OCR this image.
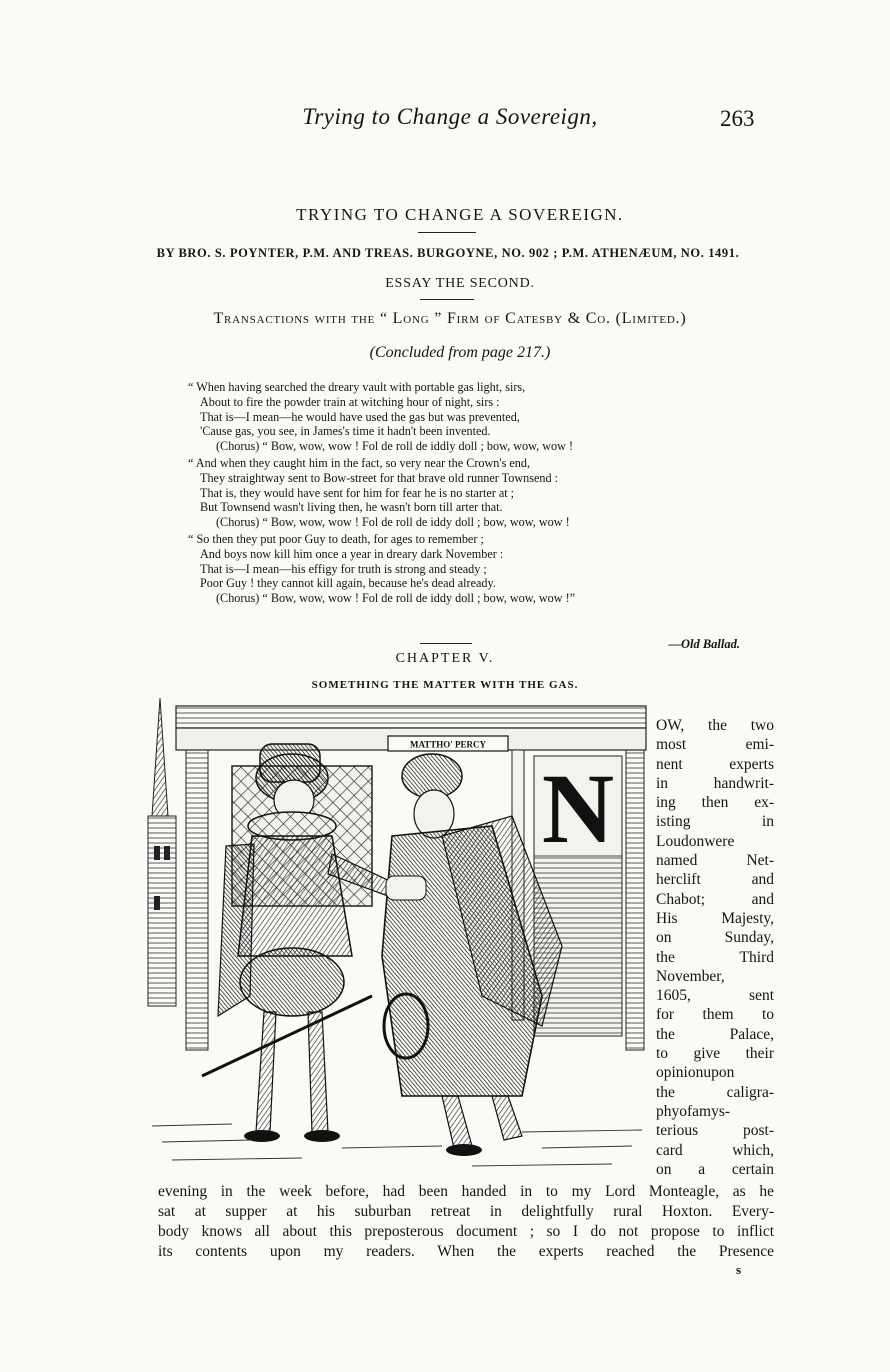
Trying to Change a Sovereign,	263
TRYING TO CHANGE A SOVEREIGN.
BY BRO. S. POYNTER, P.M. AND TREAS. BURGOYNE, NO. 902 ; P.M. ATHENÆUM, NO. 1491.
ESSAY THE SECOND.
Transactions with the “ Long ” Firm of Catesby & Co. (Limited.)
(Concluded from page 217.)
“ When having searched the dreary vault with portable gas light, sirs,
About to fire the powder train at witching hour of night, sirs :
That is—I mean—he would have used the gas but was prevented,
'Cause gas, you see, in James's time it hadn't been invented.
(Chorus) “ Bow, wow, wow ! Fol de roll de iddly doll ; bow, wow, wow !
“ And when they caught him in the fact, so very near the Crown's end,
They straightway sent to Bow-street for that brave old runner Townsend :
That is, they would have sent for him for fear he is no starter at ;
But Townsend wasn't living then, he wasn't born till arter that.
(Chorus) “ Bow, wow, wow ! Fol de roll de iddy doll ; bow, wow, wow !
“ So then they put poor Guy to death, for ages to remember ;
And boys now kill him once a year in dreary dark November :
That is—I mean—his effigy for truth is strong and steady ;
Poor Guy ! they cannot kill again, because he's dead already.
(Chorus) “ Bow, wow, wow ! Fol de roll de iddy doll ; bow, wow, wow !”
—Old Ballad.
CHAPTER V.
SOMETHING THE MATTER WITH THE GAS.
MATTHO' PERCY
N
OW, the two
most emi-
nent experts
in handwrit-
ing then ex-
isting in
Loudonwere
named Net-
herclift and
Chabot; and
His Majesty,
on Sunday,
the Third
November,
1605, sent
for them to
the Palace,
to give their
opinionupon
the caligra-
phyofamys-
terious post-
card which,
on a certain
evening in the week before, had been handed in to my Lord Monteagle, as he
sat at supper at his suburban retreat in delightfully rural Hoxton. Every-
body knows all about this preposterous document ; so I do not propose to inflict
its contents upon my readers. When the experts reached the Presence
s
